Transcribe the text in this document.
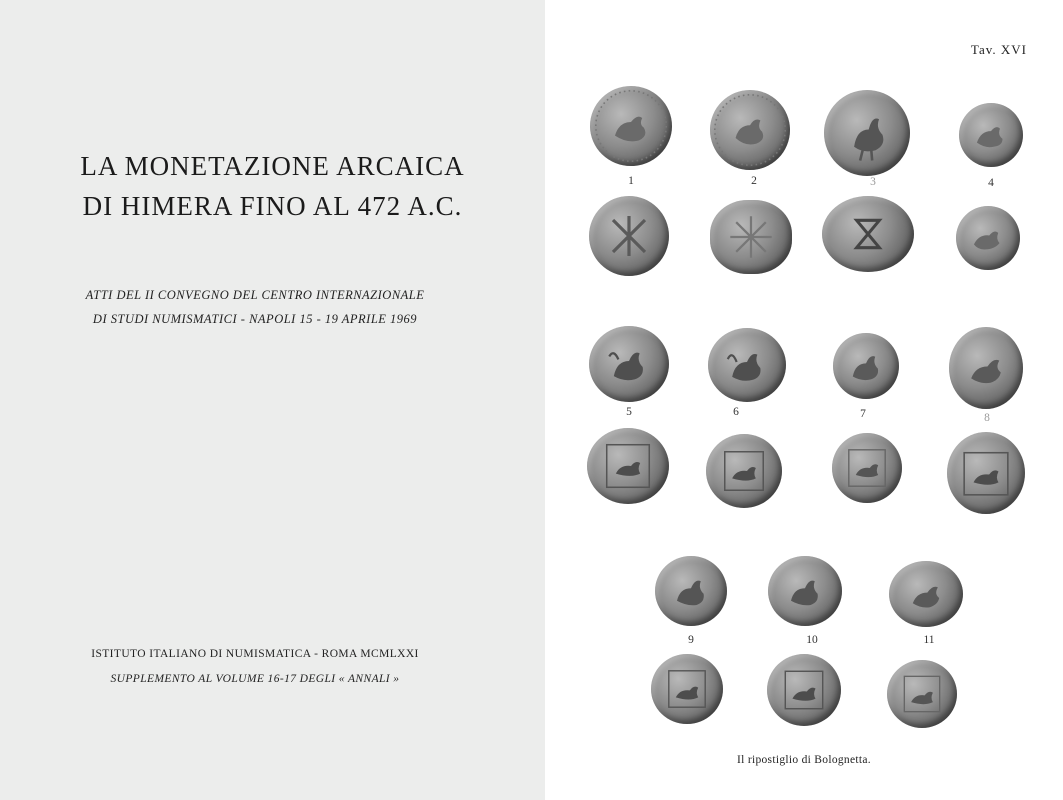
LA MONETAZIONE ARCAICA
DI HIMERA FINO AL 472 A.C.
ATTI DEL II CONVEGNO DEL CENTRO INTERNAZIONALE
DI STUDI NUMISMATICI - NAPOLI 15 - 19 APRILE 1969
ISTITUTO ITALIANO DI NUMISMATICA - ROMA MCMLXXI
SUPPLEMENTO AL VOLUME 16-17 DEGLI « ANNALI »
Tav. XVI
1	2	3	4
5	6	7	8
9	10	11
Il ripostiglio di Bolognetta.
